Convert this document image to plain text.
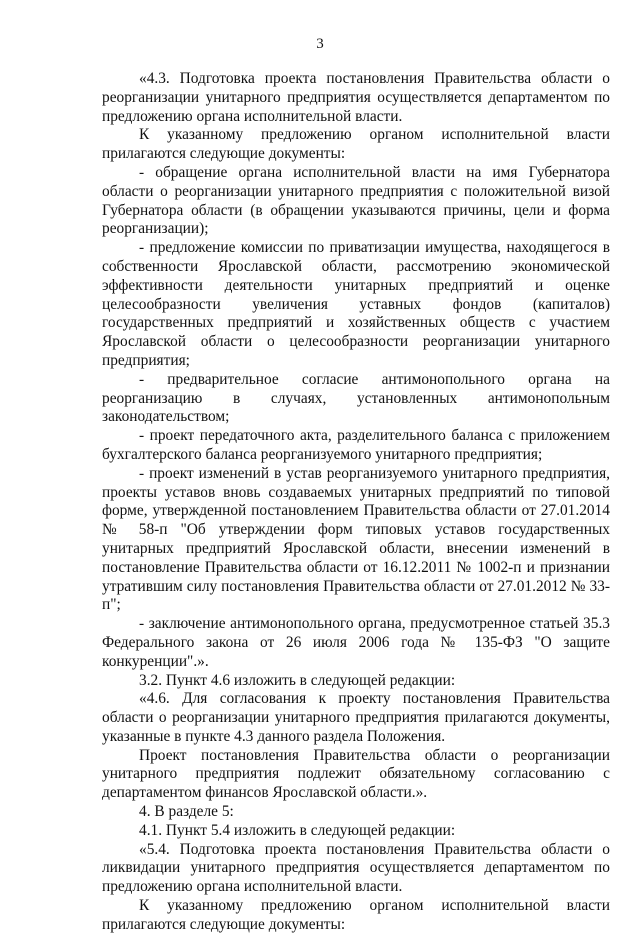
3

«4.3. Подготовка проекта постановления Правительства области о реорганизации унитарного предприятия осуществляется департаментом по предложению органа исполнительной власти.

К указанному предложению органом исполнительной власти прилагаются следующие документы:

- обращение органа исполнительной власти на имя Губернатора области о реорганизации унитарного предприятия с положительной визой Губернатора области (в обращении указываются причины, цели и форма реорганизации);

- предложение комиссии по приватизации имущества, находящегося в собственности Ярославской области, рассмотрению экономической эффективности деятельности унитарных предприятий и оценке целесообразности увеличения уставных фондов (капиталов) государственных предприятий и хозяйственных обществ с участием Ярославской области о целесообразности реорганизации унитарного предприятия;

- предварительное согласие антимонопольного органа на реорганизацию в случаях, установленных антимонопольным законодательством;

- проект передаточного акта, разделительного баланса с приложением бухгалтерского баланса реорганизуемого унитарного предприятия;

- проект изменений в устав реорганизуемого унитарного предприятия, проекты уставов вновь создаваемых унитарных предприятий по типовой форме, утвержденной постановлением Правительства области от 27.01.2014 № 58-п "Об утверждении форм типовых уставов государственных унитарных предприятий Ярославской области, внесении изменений в постановление Правительства области от 16.12.2011 № 1002-п и признании утратившим силу постановления Правительства области от 27.01.2012 № 33-п";

- заключение антимонопольного органа, предусмотренное статьей 35.3 Федерального закона от 26 июля 2006 года № 135-ФЗ "О защите конкуренции".».

3.2. Пункт 4.6 изложить в следующей редакции:

«4.6. Для согласования к проекту постановления Правительства области о реорганизации унитарного предприятия прилагаются документы, указанные в пункте 4.3 данного раздела Положения.

Проект постановления Правительства области о реорганизации унитарного предприятия подлежит обязательному согласованию с департаментом финансов Ярославской области.».

4. В разделе 5:

4.1. Пункт 5.4 изложить в следующей редакции:

«5.4. Подготовка проекта постановления Правительства области о ликвидации унитарного предприятия осуществляется департаментом по предложению органа исполнительной власти.

К указанному предложению органом исполнительной власти прилагаются следующие документы:
